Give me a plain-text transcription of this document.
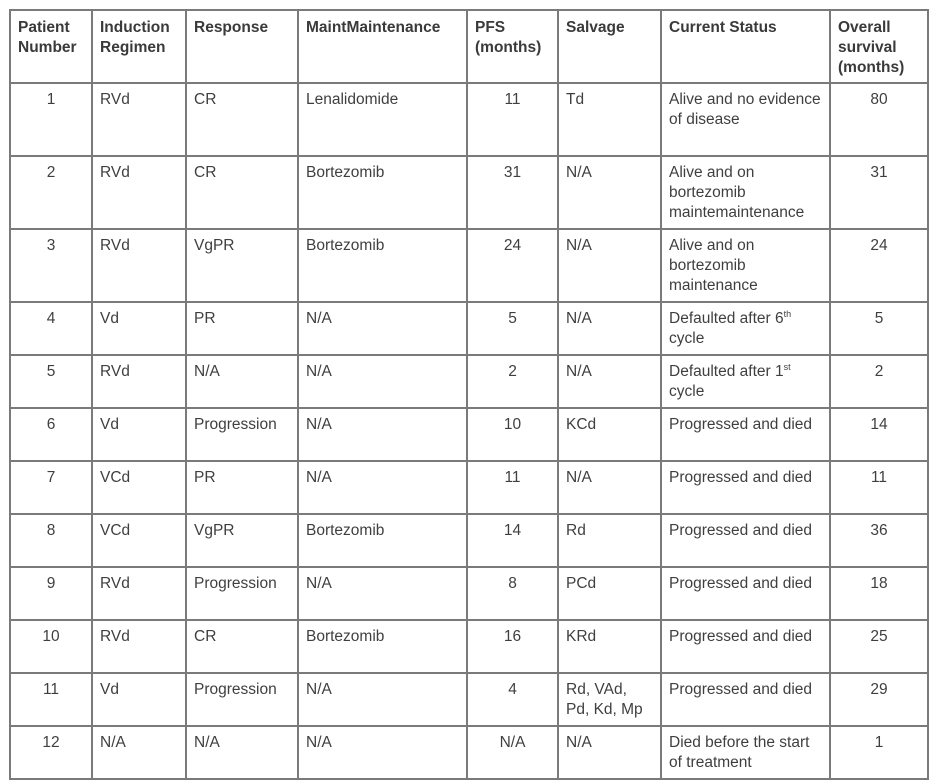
Patient Number	Induction Regimen	Response	MaintMaintenance	PFS (months)	Salvage	Current Status	Overall survival (months)
1	RVd	CR	Lenalidomide	11	Td	Alive and no evidence of disease	80
2	RVd	CR	Bortezomib	31	N/A	Alive and on bortezomib maintemaintenance	31
3	RVd	VgPR	Bortezomib	24	N/A	Alive and on bortezomib maintenance	24
4	Vd	PR	N/A	5	N/A	Defaulted after 6th cycle	5
5	RVd	N/A	N/A	2	N/A	Defaulted after 1st cycle	2
6	Vd	Progression	N/A	10	KCd	Progressed and died	14
7	VCd	PR	N/A	11	N/A	Progressed and died	11
8	VCd	VgPR	Bortezomib	14	Rd	Progressed and died	36
9	RVd	Progression	N/A	8	PCd	Progressed and died	18
10	RVd	CR	Bortezomib	16	KRd	Progressed and died	25
11	Vd	Progression	N/A	4	Rd, VAd, Pd, Kd, Mp	Progressed and died	29
12	N/A	N/A	N/A	N/A	N/A	Died before the start of treatment	1
